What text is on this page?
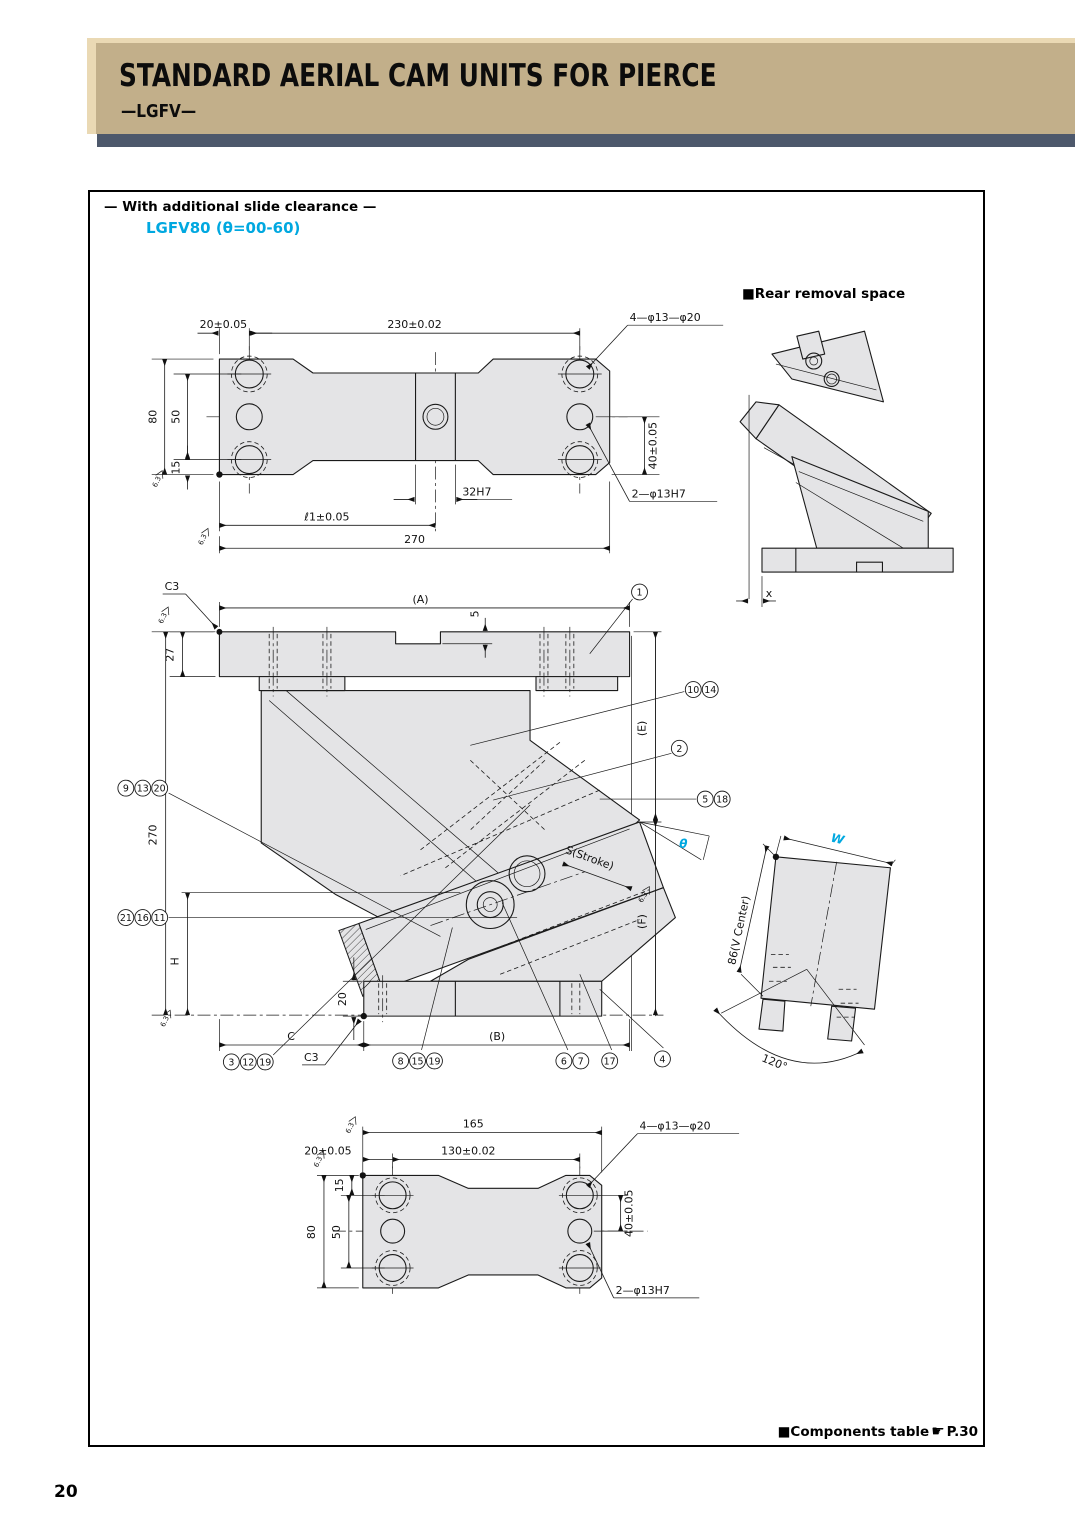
STANDARD AERIAL CAM UNITS FOR PIERCE
—LGFV—
20±0.05	230±0.02
4—φ13—φ20
80 50
15	40±0.05
2—φ13H7
32H7
ℓ1±0.05
270
6.3
6.3
x
θ
C3
(A)
5
27
270
H
C	(B)
C3
20
(E)
(F)
S(Stroke)
6.3
6.3
6.3
1
10 14
2
5 18
9 13 20
21 16 11
3 12 19	8 15 19	6 7 17	4
W
86(V Center)
120°
165
130±0.02
20±0.05
15
80 50	40±0.05
4—φ13—φ20
2—φ13H7
6.3
6.3
— With additional slide clearance —
LGFV80 (θ=00-60)
■Rear removal space
■Components table ☛ P.30
20
